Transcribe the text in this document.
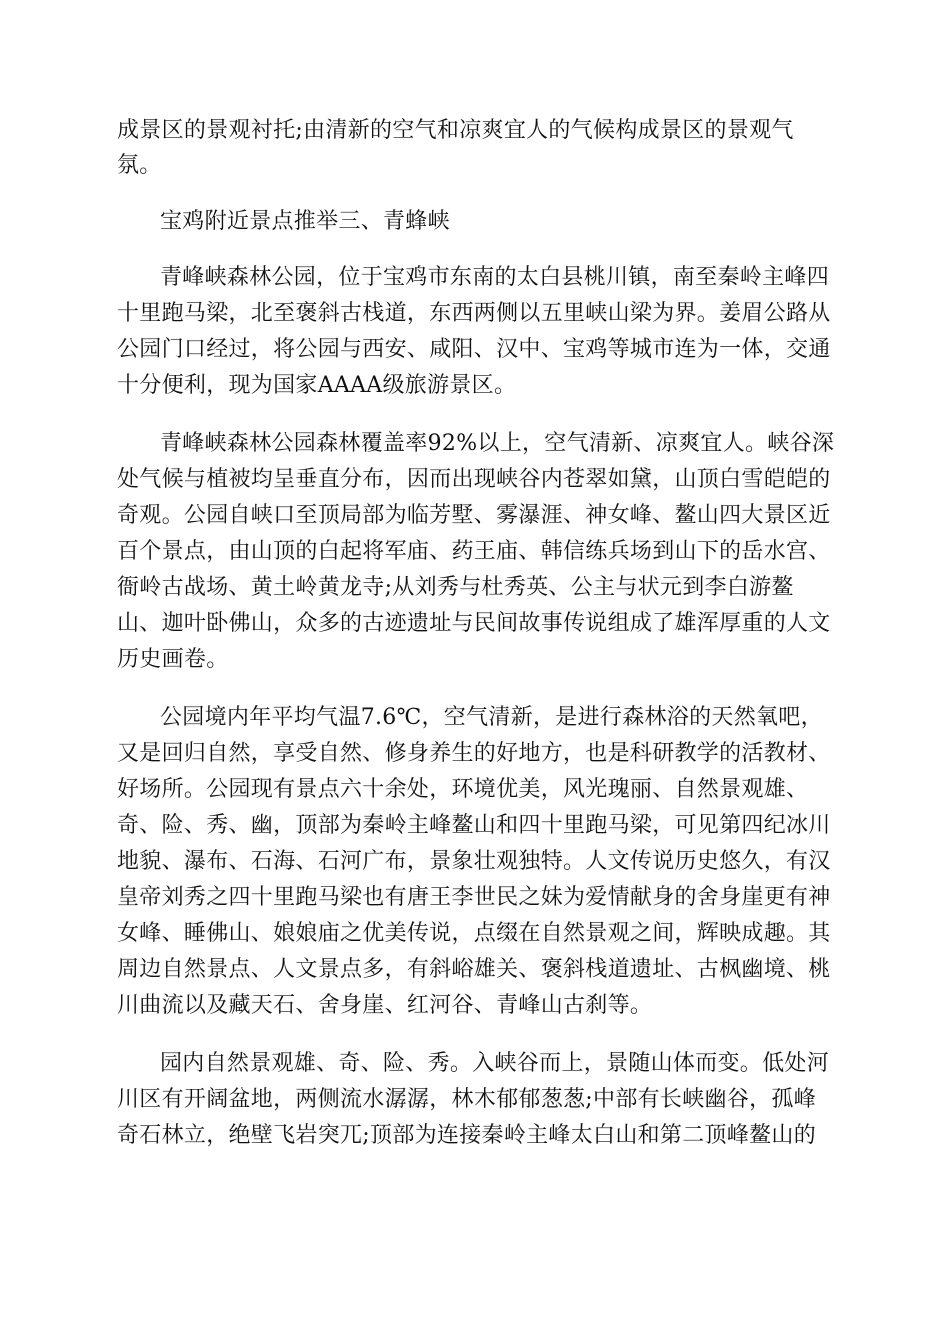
成景区的景观衬托;由清新的空气和凉爽宜人的气候构成景区的景观气
氛。
宝鸡附近景点推举三、青蜂峡
青峰峡森林公园，位于宝鸡市东南的太白县桃川镇，南至秦岭主峰四
十里跑马梁，北至褒斜古栈道，东西两侧以五里峡山梁为界。姜眉公路从
公园门口经过，将公园与西安、咸阳、汉中、宝鸡等城市连为一体，交通
十分便利，现为国家AAAA级旅游景区。
青峰峡森林公园森林覆盖率92%以上，空气清新、凉爽宜人。峡谷深
处气候与植被均呈垂直分布，因而出现峡谷内苍翠如黛，山顶白雪皑皑的
奇观。公园自峡口至顶局部为临芳墅、雾瀑涯、神女峰、鳌山四大景区近
百个景点，由山顶的白起将军庙、药王庙、韩信练兵场到山下的岳水宫、
衙岭古战场、黄土岭黄龙寺;从刘秀与杜秀英、公主与状元到李白游鳌
山、迦叶卧佛山，众多的古迹遗址与民间故事传说组成了雄浑厚重的人文
历史画卷。
公园境内年平均气温7.6℃，空气清新，是进行森林浴的天然氧吧，
又是回归自然，享受自然、修身养生的好地方，也是科研教学的活教材、
好场所。公园现有景点六十余处，环境优美，风光瑰丽、自然景观雄、
奇、险、秀、幽，顶部为秦岭主峰鳌山和四十里跑马梁，可见第四纪冰川
地貌、瀑布、石海、石河广布，景象壮观独特。人文传说历史悠久，有汉
皇帝刘秀之四十里跑马梁也有唐王李世民之妹为爱情献身的舍身崖更有神
女峰、睡佛山、娘娘庙之优美传说，点缀在自然景观之间，辉映成趣。其
周边自然景点、人文景点多，有斜峪雄关、褒斜栈道遗址、古枫幽境、桃
川曲流以及藏天石、舍身崖、红河谷、青峰山古刹等。
园内自然景观雄、奇、险、秀。入峡谷而上，景随山体而变。低处河
川区有开阔盆地，两侧流水潺潺，林木郁郁葱葱;中部有长峡幽谷，孤峰
奇石林立，绝壁飞岩突兀;顶部为连接秦岭主峰太白山和第二顶峰鳌山的
